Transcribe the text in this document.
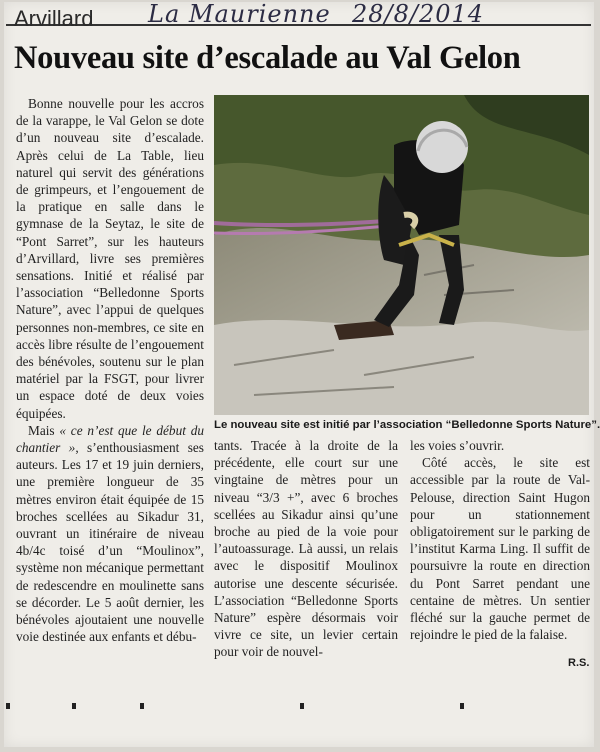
Arvillard La Maurienne 28/8/2014
Nouveau site d’escalade au Val Gelon

Bonne nouvelle pour les accros de la varappe, le Val Gelon se dote d’un nouveau site d’escalade. Après celui de La Table, lieu naturel qui servit des générations de grimpeurs, et l’engouement de la pratique en salle dans le gymnase de la Seytaz, le site de “Pont Sarret”, sur les hauteurs d’Arvillard, livre ses premières sensations. Initié et réalisé par l’association “Belledonne Sports Nature”, avec l’appui de quelques personnes non-membres, ce site en accès libre résulte de l’engouement des bénévoles, soutenu sur le plan matériel par la FSGT, pour livrer un espace doté de deux voies équipées.

Mais « ce n’est que le début du chantier », s’enthousiasment ses auteurs. Les 17 et 19 juin derniers, une première longueur de 35 mètres environ était équipée de 15 broches scellées au Sikadur 31, ouvrant un itinéraire de niveau 4b/4c toisé d’un “Moulinox”, système non mécanique permettant de redescendre en moulinette sans se décorder. Le 5 août dernier, les bénévoles ajoutaient une nouvelle voie destinée aux enfants et débu-

Le nouveau site est initié par l’association “Belledonne Sports Nature”.

tants. Tracée à la droite de la précédente, elle court sur une vingtaine de mètres pour un niveau “3/3 +”, avec 6 broches scellées au Sikadur ainsi qu’une broche au pied de la voie pour l’autoassurage. Là aussi, un relais avec le dispositif Moulinox autorise une descente sécurisée. L’association “Belledonne Sports Nature” espère désormais voir vivre ce site, un levier certain pour voir de nouvel-

les voies s’ouvrir.

Côté accès, le site est accessible par la route de Val-Pelouse, direction Saint Hugon pour un stationnement obligatoirement sur le parking de l’institut Karma Ling. Il suffit de poursuivre la route en direction du Pont Sarret pendant une centaine de mètres. Un sentier fléché sur la gauche permet de rejoindre le pied de la falaise.

R.S.
